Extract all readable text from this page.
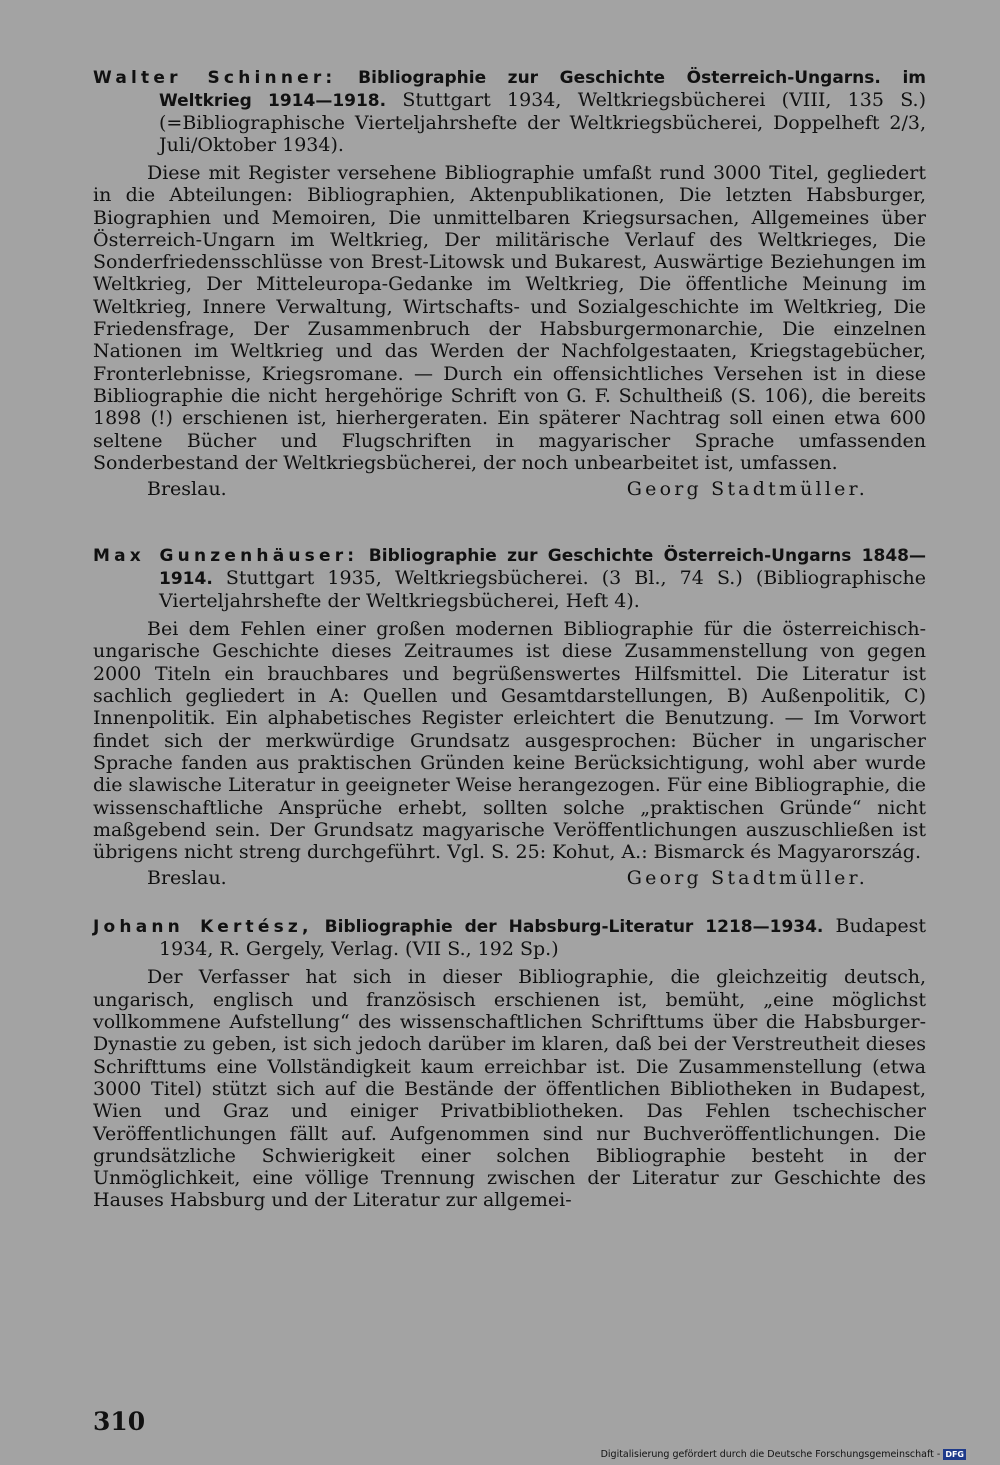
Walter Schinner: Bibliographie zur Geschichte Österreich-Ungarns. im Weltkrieg 1914—1918. Stuttgart 1934, Weltkriegsbücherei (VIII, 135 S.) (=Bibliographische Vierteljahrshefte der Weltkriegsbücherei, Doppelheft 2/3, Juli/Oktober 1934).

Diese mit Register versehene Bibliographie umfaßt rund 3000 Titel, gegliedert in die Abteilungen: Bibliographien, Aktenpublikationen, Die letzten Habsburger, Biographien und Memoiren, Die unmittelbaren Kriegsursachen, Allgemeines über Österreich-Ungarn im Weltkrieg, Der militärische Verlauf des Weltkrieges, Die Sonderfriedensschlüsse von Brest-Litowsk und Bukarest, Auswärtige Beziehungen im Weltkrieg, Der Mitteleuropa-Gedanke im Weltkrieg, Die öffentliche Meinung im Weltkrieg, Innere Verwaltung, Wirtschafts- und Sozialgeschichte im Weltkrieg, Die Friedensfrage, Der Zusammenbruch der Habsburgermonarchie, Die einzelnen Nationen im Weltkrieg und das Werden der Nachfolgestaaten, Kriegstagebücher, Fronterlebnisse, Kriegsromane. — Durch ein offensichtliches Versehen ist in diese Bibliographie die nicht hergehörige Schrift von G. F. Schultheiß (S. 106), die bereits 1898 (!) erschienen ist, hierhergeraten. Ein späterer Nachtrag soll einen etwa 600 seltene Bücher und Flugschriften in magyarischer Sprache umfassenden Sonderbestand der Weltkriegsbücherei, der noch unbearbeitet ist, umfassen.

Breslau.	Georg Stadtmüller.

Max Gunzenhäuser: Bibliographie zur Geschichte Österreich-Ungarns 1848—1914. Stuttgart 1935, Weltkriegsbücherei. (3 Bl., 74 S.) (Bibliographische Vierteljahrshefte der Weltkriegsbücherei, Heft 4).

Bei dem Fehlen einer großen modernen Bibliographie für die österreichisch-ungarische Geschichte dieses Zeitraumes ist diese Zusammenstellung von gegen 2000 Titeln ein brauchbares und begrüßenswertes Hilfsmittel. Die Literatur ist sachlich gegliedert in A: Quellen und Gesamtdarstellungen, B) Außenpolitik, C) Innenpolitik. Ein alphabetisches Register erleichtert die Benutzung. — Im Vorwort findet sich der merkwürdige Grundsatz ausgesprochen: Bücher in ungarischer Sprache fanden aus praktischen Gründen keine Berücksichtigung, wohl aber wurde die slawische Literatur in geeigneter Weise herangezogen. Für eine Bibliographie, die wissenschaftliche Ansprüche erhebt, sollten solche „praktischen Gründe“ nicht maßgebend sein. Der Grundsatz magyarische Veröffentlichungen auszuschließen ist übrigens nicht streng durchgeführt. Vgl. S. 25: Kohut, A.: Bismarck és Magyarország.

Breslau.	Georg Stadtmüller.

Johann Kertész, Bibliographie der Habsburg-Literatur 1218—1934. Budapest 1934, R. Gergely, Verlag. (VII S., 192 Sp.)

Der Verfasser hat sich in dieser Bibliographie, die gleichzeitig deutsch, ungarisch, englisch und französisch erschienen ist, bemüht, „eine möglichst vollkommene Aufstellung“ des wissenschaftlichen Schrifttums über die Habsburger-Dynastie zu geben, ist sich jedoch darüber im klaren, daß bei der Verstreutheit dieses Schrifttums eine Vollständigkeit kaum erreichbar ist. Die Zusammenstellung (etwa 3000 Titel) stützt sich auf die Bestände der öffentlichen Bibliotheken in Budapest, Wien und Graz und einiger Privatbibliotheken. Das Fehlen tschechischer Veröffentlichungen fällt auf. Aufgenommen sind nur Buchveröffentlichungen. Die grundsätzliche Schwierigkeit einer solchen Bibliographie besteht in der Unmöglichkeit, eine völlige Trennung zwischen der Literatur zur Geschichte des Hauses Habsburg und der Literatur zur allgemei-

310
Digitalisierung gefördert durch die Deutsche Forschungsgemeinschaft - DFG
